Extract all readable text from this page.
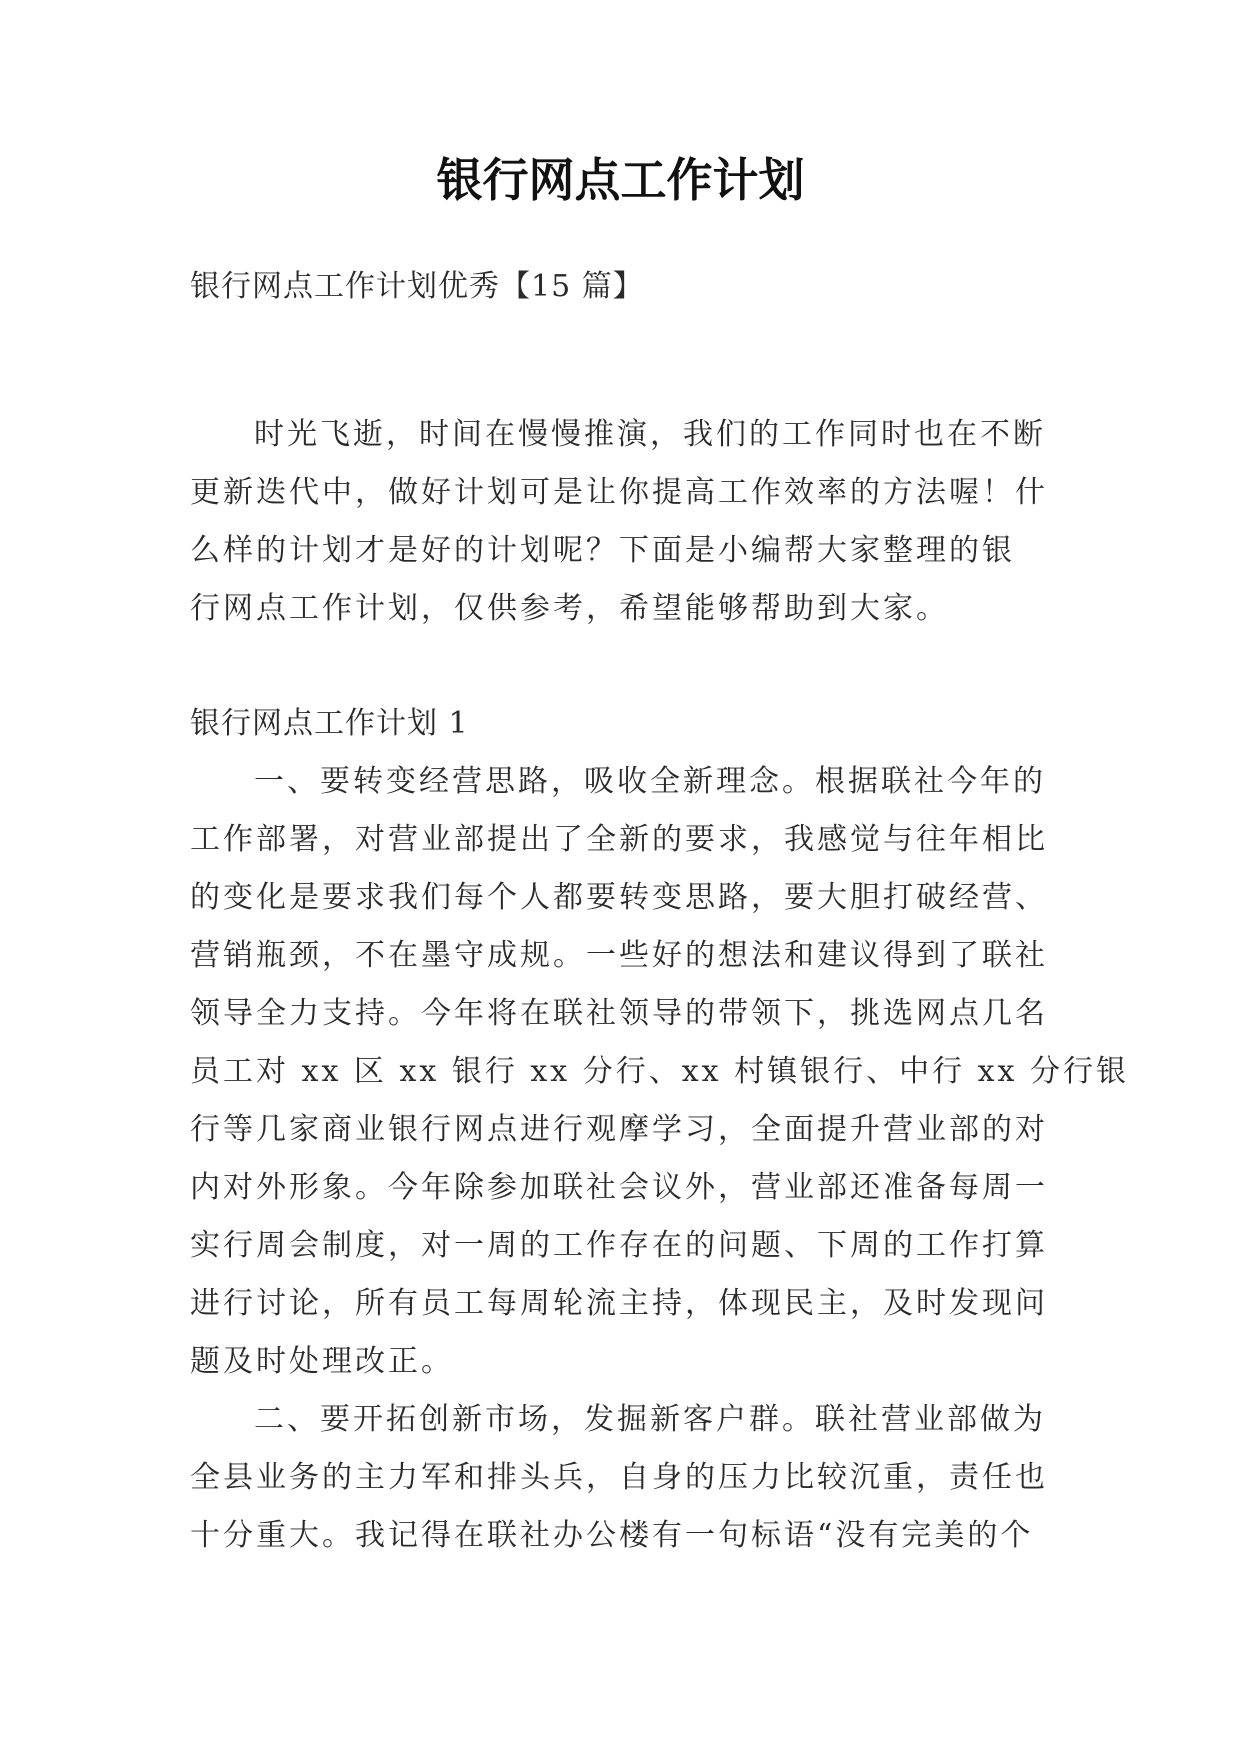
银行网点工作计划

银行网点工作计划优秀【15 篇】

时光飞逝，时间在慢慢推演，我们的工作同时也在不断
更新迭代中，做好计划可是让你提高工作效率的方法喔！什
么样的计划才是好的计划呢？下面是小编帮大家整理的银
行网点工作计划，仅供参考，希望能够帮助到大家。

银行网点工作计划 1

一、要转变经营思路，吸收全新理念。根据联社今年的
工作部署，对营业部提出了全新的要求，我感觉与往年相比
的变化是要求我们每个人都要转变思路，要大胆打破经营、
营销瓶颈，不在墨守成规。一些好的想法和建议得到了联社
领导全力支持。今年将在联社领导的带领下，挑选网点几名
员工对 xx 区 xx 银行 xx 分行、xx 村镇银行、中行 xx 分行银
行等几家商业银行网点进行观摩学习，全面提升营业部的对
内对外形象。今年除参加联社会议外，营业部还准备每周一
实行周会制度，对一周的工作存在的问题、下周的工作打算
进行讨论，所有员工每周轮流主持，体现民主，及时发现问
题及时处理改正。
二、要开拓创新市场，发掘新客户群。联社营业部做为
全县业务的主力军和排头兵，自身的压力比较沉重，责任也
十分重大。我记得在联社办公楼有一句标语“没有完美的个
